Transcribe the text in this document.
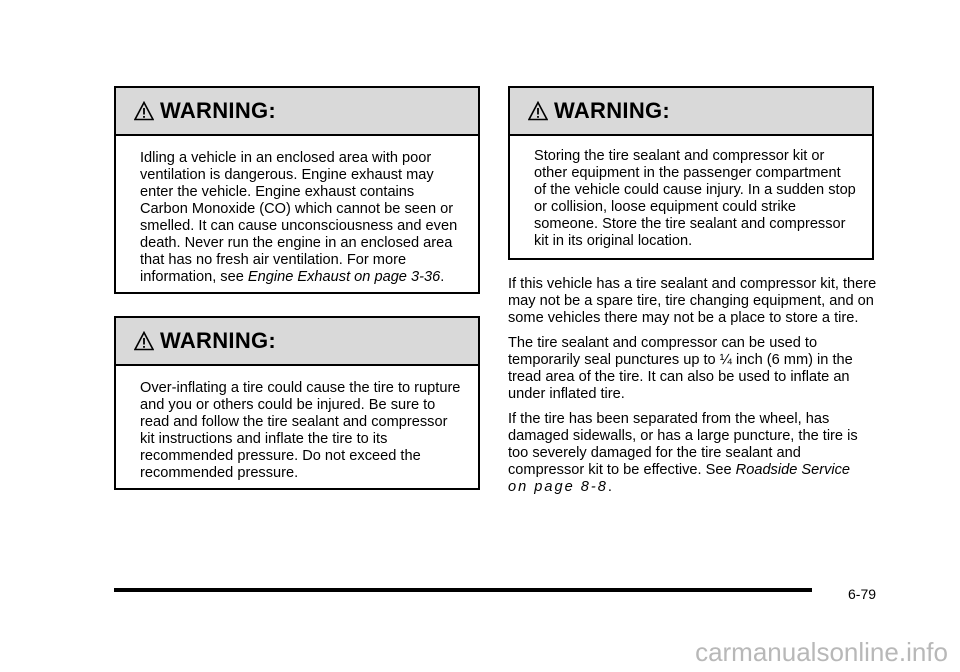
WARNING:
Idling a vehicle in an enclosed area with poor ventilation is dangerous. Engine exhaust may enter the vehicle. Engine exhaust contains Carbon Monoxide (CO) which cannot be seen or smelled. It can cause unconsciousness and even death. Never run the engine in an enclosed area that has no fresh air ventilation. For more information, see Engine Exhaust on page 3-36.
WARNING:
Over-inflating a tire could cause the tire to rupture and you or others could be injured. Be sure to read and follow the tire sealant and compressor kit instructions and inflate the tire to its recommended pressure. Do not exceed the recommended pressure.
WARNING:
Storing the tire sealant and compressor kit or other equipment in the passenger compartment of the vehicle could cause injury. In a sudden stop or collision, loose equipment could strike someone. Store the tire sealant and compressor kit in its original location.

If this vehicle has a tire sealant and compressor kit, there may not be a spare tire, tire changing equipment, and on some vehicles there may not be a place to store a tire.

The tire sealant and compressor can be used to temporarily seal punctures up to ¼ inch (6 mm) in the tread area of the tire. It can also be used to inflate an under inflated tire.

If the tire has been separated from the wheel, has damaged sidewalls, or has a large puncture, the tire is too severely damaged for the tire sealant and compressor kit to be effective. See Roadside Service
on page 8-8.

6-79
carmanualsonline.info
